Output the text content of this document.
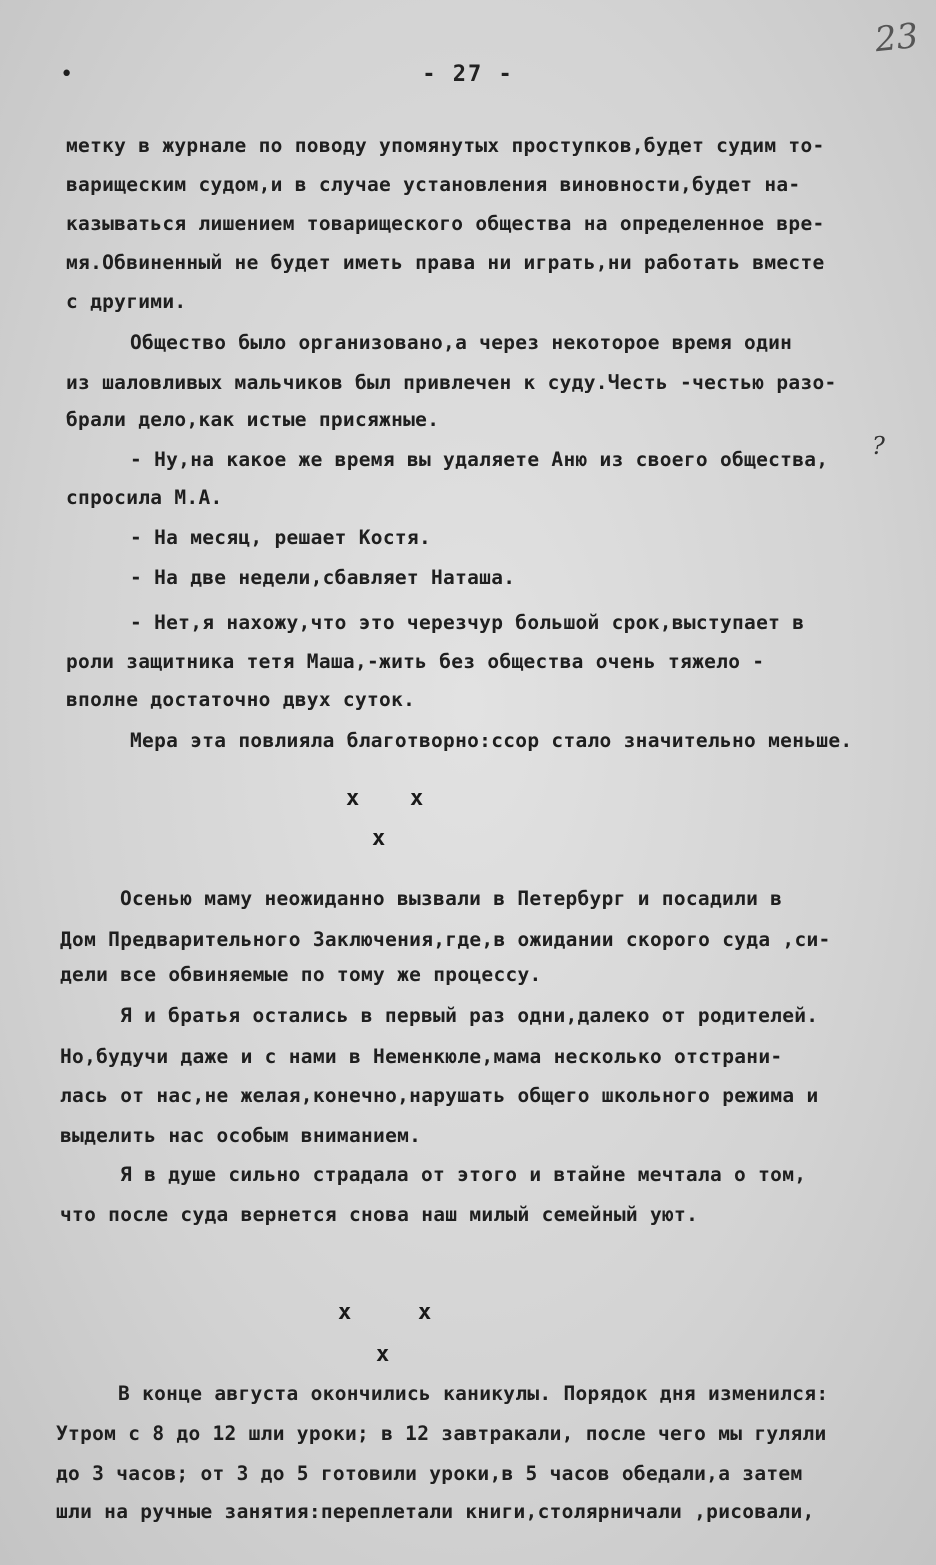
•
23
- 27 -
метку в журнале по поводу упомянутых проступков,будет судим то-
варищеским судом,и в случае установления виновности,будет на-
казываться лишением товарищеского общества на определенное вре-
мя.Обвиненный не будет иметь права ни играть,ни работать вместе
с другими.
Общество было организовано,а через некоторое время один
из шаловливых мальчиков был привлечен к суду.Честь -честью разо-
брали дело,как истые присяжные.
- Ну,на какое же время вы удаляете Аню из своего общества, ?
спросила М.А.
- На месяц, решает Костя.
- На две недели,сбавляет Наташа.
- Нет,я нахожу,что это черезчур большой срок,выступает в
роли защитника тетя Маша,-жить без общества очень тяжело -
вполне достаточно двух суток.
Мера эта повлияла благотворно:ссор стало значительно меньше.
x x
x
Осенью маму неожиданно вызвали в Петербург и посадили в
Дом Предварительного Заключения,где,в ожидании скорого суда ,си-
дели все обвиняемые по тому же процессу.
Я и братья остались в первый раз одни,далеко от родителей.
Но,будучи даже и с нами в Неменкюле,мама несколько отстрани-
лась от нас,не желая,конечно,нарушать общего школьного режима и
выделить нас особым вниманием.
Я в душе сильно страдала от этого и втайне мечтала о том,
что после суда вернется снова наш милый семейный уют.
x	x
x
В конце августа окончились каникулы. Порядок дня изменился:
Утром с 8 до 12 шли уроки; в 12 завтракали, после чего мы гуляли
до 3 часов; от 3 до 5 готовили уроки,в 5 часов обедали,а затем
шли на ручные занятия:переплетали книги,столярничали ,рисовали,
